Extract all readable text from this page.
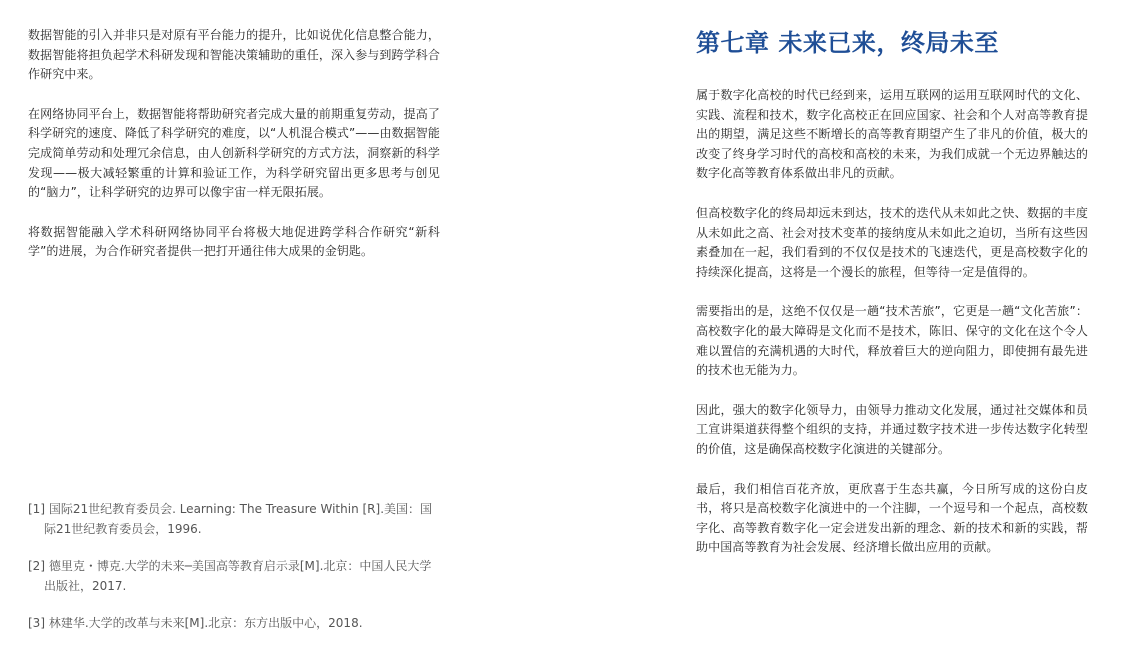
数据智能的引入并非只是对原有平台能力的提升，比如说优化信息整合能力，数据智能将担负起学术科研发现和智能决策辅助的重任，深入参与到跨学科合作研究中来。

在网络协同平台上，数据智能将帮助研究者完成大量的前期重复劳动，提高了科学研究的速度、降低了科学研究的难度，以“人机混合模式”——由数据智能完成简单劳动和处理冗余信息，由人创新科学研究的方式方法，洞察新的科学发现——极大减轻繁重的计算和验证工作，为科学研究留出更多思考与创见的“脑力”，让科学研究的边界可以像宇宙一样无限拓展。

将数据智能融入学术科研网络协同平台将极大地促进跨学科合作研究“新科学”的进展，为合作研究者提供一把打开通往伟大成果的金钥匙。

[1] 国际21世纪教育委员会. Learning: The Treasure Within [R].美国：国际21世纪教育委员会，1996.

[2] 德里克・博克.大学的未来─美国高等教育启示录[M].北京：中国人民大学出版社，2017.

[3] 林建华.大学的改革与未来[M].北京：东方出版中心，2018.

第七章 未来已来，终局未至

属于数字化高校的时代已经到来，运用互联网的运用互联网时代的文化、实践、流程和技术，数字化高校正在回应国家、社会和个人对高等教育提出的期望，满足这些不断增长的高等教育期望产生了非凡的价值，极大的改变了终身学习时代的高校和高校的未来，为我们成就一个无边界触达的数字化高等教育体系做出非凡的贡献。

但高校数字化的终局却远未到达，技术的迭代从未如此之快、数据的丰度从未如此之高、社会对技术变革的接纳度从未如此之迫切，当所有这些因素叠加在一起，我们看到的不仅仅是技术的飞速迭代，更是高校数字化的持续深化提高，这将是一个漫长的旅程，但等待一定是值得的。

需要指出的是，这绝不仅仅是一趟“技术苦旅”，它更是一趟“文化苦旅”：高校数字化的最大障碍是文化而不是技术，陈旧、保守的文化在这个令人难以置信的充满机遇的大时代，释放着巨大的逆向阻力，即使拥有最先进的技术也无能为力。

因此，强大的数字化领导力，由领导力推动文化发展，通过社交媒体和员工宣讲渠道获得整个组织的支持，并通过数字技术进一步传达数字化转型的价值，这是确保高校数字化演进的关键部分。

最后，我们相信百花齐放，更欣喜于生态共赢，今日所写成的这份白皮书，将只是高校数字化演进中的一个注脚，一个逗号和一个起点，高校数字化、高等教育数字化一定会迸发出新的理念、新的技术和新的实践，帮助中国高等教育为社会发展、经济增长做出应用的贡献。
